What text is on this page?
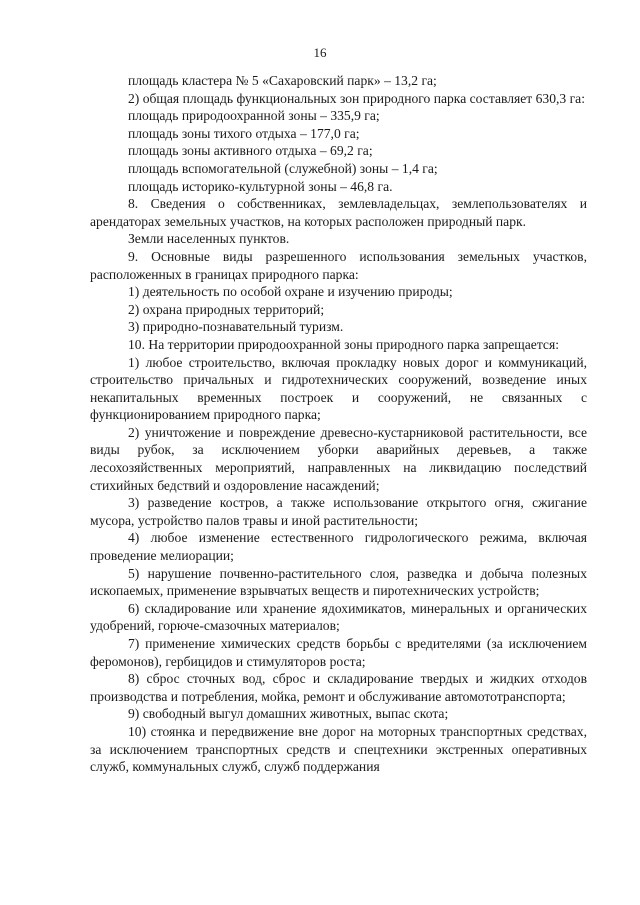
16

площадь кластера № 5 «Сахаровский парк» – 13,2 га;

2) общая площадь функциональных зон природного парка составляет 630,3 га:

площадь природоохранной зоны – 335,9 га;

площадь зоны тихого отдыха – 177,0 га;

площадь зоны активного отдыха – 69,2 га;

площадь вспомогательной (служебной) зоны – 1,4 га;

площадь историко-культурной зоны – 46,8 га.

8. Сведения о собственниках, землевладельцах, землепользователях и арендаторах земельных участков, на которых расположен природный парк.

Земли населенных пунктов.

9. Основные виды разрешенного использования земельных участков, расположенных в границах природного парка:

1) деятельность по особой охране и изучению природы;

2) охрана природных территорий;

3) природно-познавательный туризм.

10. На территории природоохранной зоны природного парка запрещается:

1) любое строительство, включая прокладку новых дорог и коммуникаций, строительство причальных и гидротехнических сооружений, возведение иных некапитальных временных построек и сооружений, не связанных с функционированием природного парка;

2) уничтожение и повреждение древесно-кустарниковой растительности, все виды рубок, за исключением уборки аварийных деревьев, а также лесохозяйственных мероприятий, направленных на ликвидацию последствий стихийных бедствий и оздоровление насаждений;

3) разведение костров, а также использование открытого огня, сжигание мусора, устройство палов травы и иной растительности;

4) любое изменение естественного гидрологического режима, включая проведение мелиорации;

5) нарушение почвенно-растительного слоя, разведка и добыча полезных ископаемых, применение взрывчатых веществ и пиротехнических устройств;

6) складирование или хранение ядохимикатов, минеральных и органических удобрений, горюче-смазочных материалов;

7) применение химических средств борьбы с вредителями (за исключением феромонов), гербицидов и стимуляторов роста;

8) сброс сточных вод, сброс и складирование твердых и жидких отходов производства и потребления, мойка, ремонт и обслуживание автомототранспорта;

9) свободный выгул домашних животных, выпас скота;

10) стоянка и передвижение вне дорог на моторных транспортных средствах, за исключением транспортных средств и спецтехники экстренных оперативных служб, коммунальных служб, служб поддержания
